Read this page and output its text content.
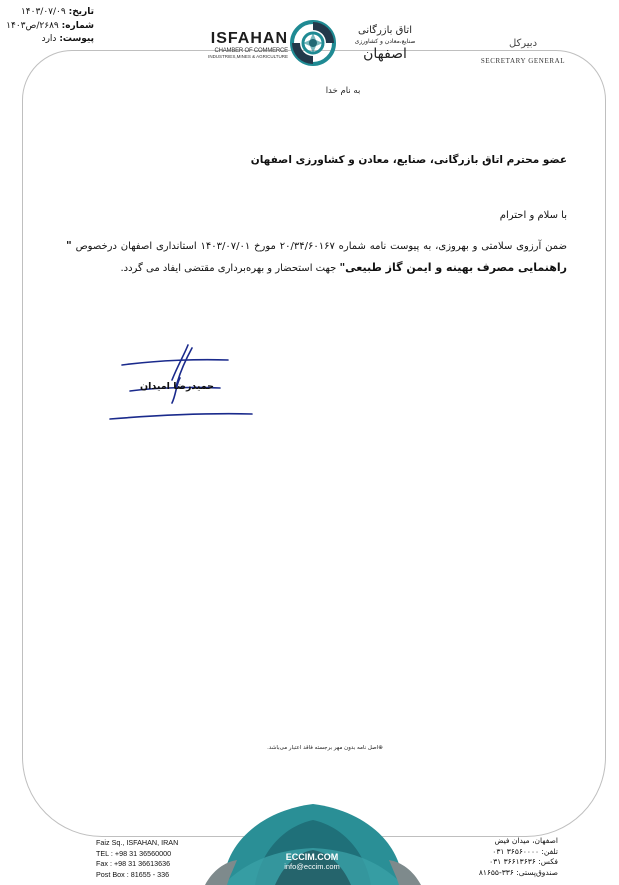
تاریخ: ۱۴۰۳/۰۷/۰۹
شماره: ۲۶۸۹/ص۱۴۰۳
پیوست: دارد	ISFAHAN
CHAMBER OF COMMERCE
INDUSTRIES,MINES & AGRICULTURE
اتاق بازرگانی
صنایع،معادن و کشاورزی
اصفهان
دبیرکل
SECRETARY GENERAL
به نام خدا
عضو محترم اتاق بازرگانی، صنایع، معادن و کشاورزی اصفهان
با سلام و احترام
ضمن آرزوی سلامتی و بهروزی، به پیوست نامه شماره ۲۰/۳۴/۶۰۱۶۷ مورخ ۱۴۰۳/۰۷/۰۱ استانداری اصفهان درخصوص " راهنمایی مصرف بهینه و ایمن گاز طبیعی" جهت استحضار و بهره‌برداری مقتضی ایفاد می گردد.
حمیدرضا امیدان
⊕اصل نامه بدون مهر برجسته فاقد اعتبار می‌باشد.
ECCIM.COM
info@eccim.com
Faiz Sq., ISFAHAN, IRAN
TEL : +98 31 36560000
Fax : +98 31 36613636
Post Box : 81655 - 336
اصفهان، میدان فیض
تلفن: ۳۶۵۶۰۰۰۰ ۰۳۱
فکس: ۳۶۶۱۳۶۳۶ ۰۳۱
صندوق‌پستی: ۳۳۶-۸۱۶۵۵
